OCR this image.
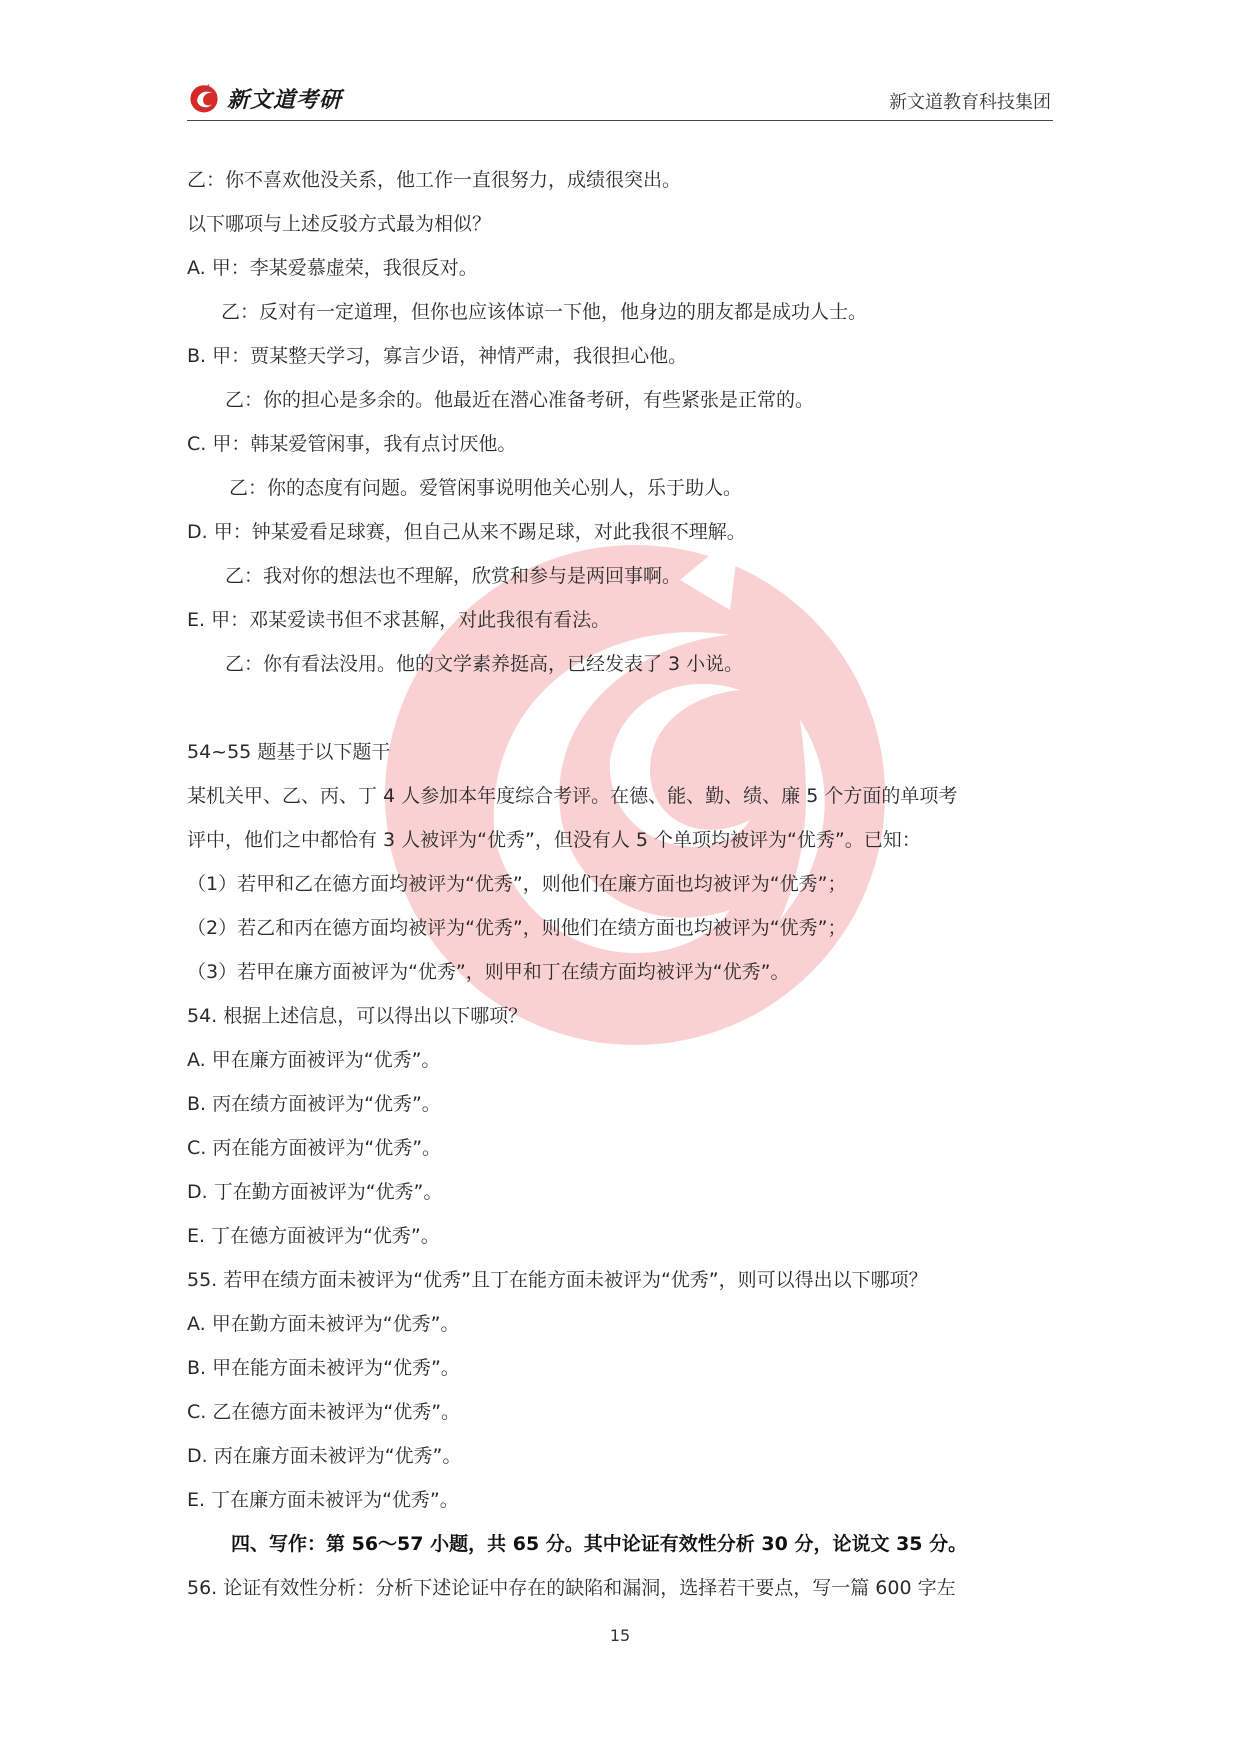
新文道考研	新文道教育科技集团
乙：你不喜欢他没关系，他工作一直很努力，成绩很突出。
以下哪项与上述反驳方式最为相似？
A. 甲：李某爱慕虚荣，我很反对。
乙：反对有一定道理，但你也应该体谅一下他，他身边的朋友都是成功人士。
B. 甲：贾某整天学习，寡言少语，神情严肃，我很担心他。
乙：你的担心是多余的。他最近在潜心准备考研，有些紧张是正常的。
C. 甲：韩某爱管闲事，我有点讨厌他。
乙：你的态度有问题。爱管闲事说明他关心别人，乐于助人。
D. 甲：钟某爱看足球赛，但自己从来不踢足球，对此我很不理解。
乙：我对你的想法也不理解，欣赏和参与是两回事啊。
E. 甲：邓某爱读书但不求甚解，对此我很有看法。
乙：你有看法没用。他的文学素养挺高，已经发表了 3 小说。
54~55 题基于以下题干
某机关甲、乙、丙、丁 4 人参加本年度综合考评。在德、能、勤、绩、廉 5 个方面的单项考
评中，他们之中都恰有 3 人被评为“优秀”，但没有人 5 个单项均被评为“优秀”。已知：
（1）若甲和乙在德方面均被评为“优秀”，则他们在廉方面也均被评为“优秀”；
（2）若乙和丙在德方面均被评为“优秀”，则他们在绩方面也均被评为“优秀”；
（3）若甲在廉方面被评为“优秀”，则甲和丁在绩方面均被评为“优秀”。
54. 根据上述信息，可以得出以下哪项？
A. 甲在廉方面被评为“优秀”。
B. 丙在绩方面被评为“优秀”。
C. 丙在能方面被评为“优秀”。
D. 丁在勤方面被评为“优秀”。
E. 丁在德方面被评为“优秀”。
55. 若甲在绩方面未被评为“优秀”且丁在能方面未被评为“优秀”，则可以得出以下哪项？
A. 甲在勤方面未被评为“优秀”。
B. 甲在能方面未被评为“优秀”。
C. 乙在德方面未被评为“优秀”。
D. 丙在廉方面未被评为“优秀”。
E. 丁在廉方面未被评为“优秀”。
四、写作：第 56～57 小题，共 65 分。其中论证有效性分析 30 分，论说文 35 分。
56. 论证有效性分析：分析下述论证中存在的缺陷和漏洞，选择若干要点，写一篇 600 字左
15
